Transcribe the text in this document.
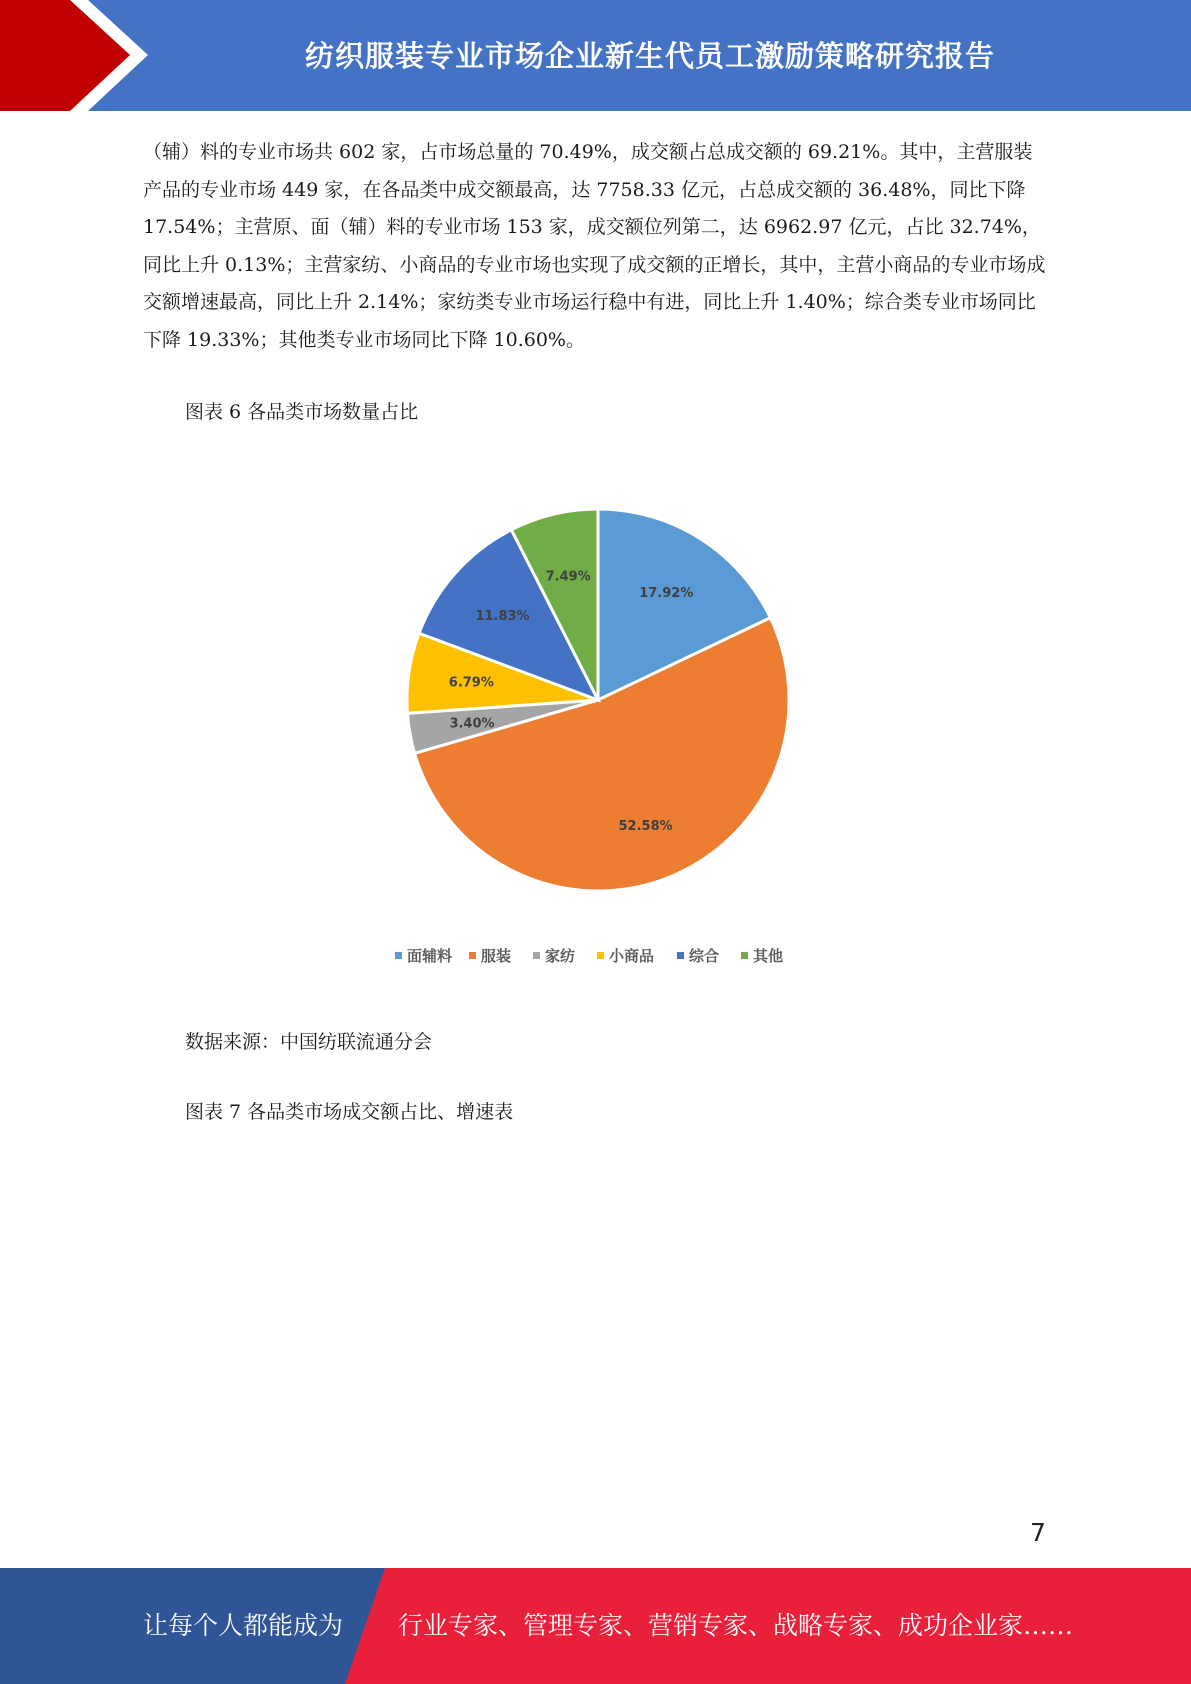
纺织服装专业市场企业新生代员工激励策略研究报告

（辅）料的专业市场共 602 家，占市场总量的 70.49%，成交额占总成交额的 69.21%。其中，主营服装产品的专业市场 449 家，在各品类中成交额最高，达 7758.33 亿元，占总成交额的 36.48%，同比下降 17.54%；主营原、面（辅）料的专业市场 153 家，成交额位列第二，达 6962.97 亿元，占比 32.74%，同比上升 0.13%；主营家纺、小商品的专业市场也实现了成交额的正增长，其中，主营小商品的专业市场成交额增速最高，同比上升 2.14%；家纺类专业市场运行稳中有进，同比上升 1.40%；综合类专业市场同比下降 19.33%；其他类专业市场同比下降 10.60%。

图表 6 各品类市场数量占比

17.92%
52.58%
3.40%
6.79%
11.83%
7.49%
面辅料 服装 家纺 小商品 综合 其他

数据来源：中国纺联流通分会

图表 7 各品类市场成交额占比、增速表

7
让每个人都能成为 行业专家、管理专家、营销专家、战略专家、成功企业家……
